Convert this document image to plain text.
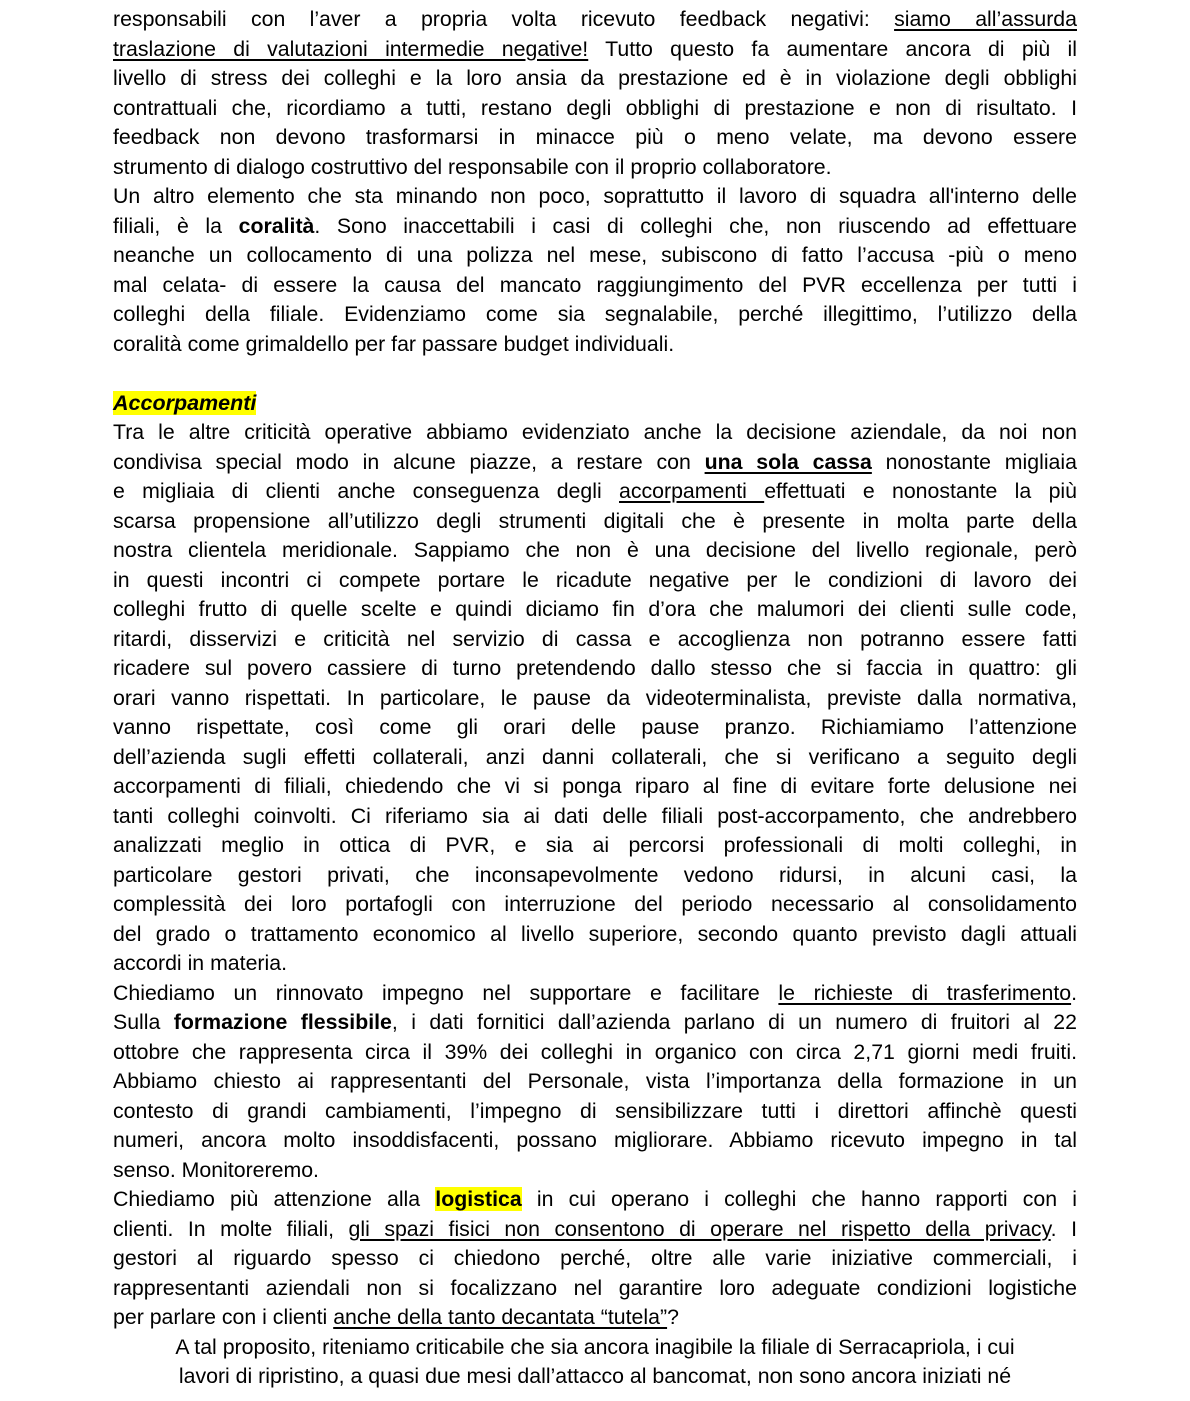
responsabili con l’aver a propria volta ricevuto feedback negativi: siamo all’assurda
traslazione di valutazioni intermedie negative! Tutto questo fa aumentare ancora di più il
livello di stress dei colleghi e la loro ansia da prestazione ed è in violazione degli obblighi
contrattuali che, ricordiamo a tutti, restano degli obblighi di prestazione e non di risultato. I
feedback non devono trasformarsi in minacce più o meno velate, ma devono essere
strumento di dialogo costruttivo del responsabile con il proprio collaboratore.
Un altro elemento che sta minando non poco, soprattutto il lavoro di squadra all'interno delle
filiali, è la coralità. Sono inaccettabili i casi di colleghi che, non riuscendo ad effettuare
neanche un collocamento di una polizza nel mese, subiscono di fatto l’accusa -più o meno
mal celata- di essere la causa del mancato raggiungimento del PVR eccellenza per tutti i
colleghi della filiale. Evidenziamo come sia segnalabile, perché illegittimo, l’utilizzo della
coralità come grimaldello per far passare budget individuali.
Accorpamenti
Tra le altre criticità operative abbiamo evidenziato anche la decisione aziendale, da noi non
condivisa special modo in alcune piazze, a restare con una sola cassa nonostante migliaia
e migliaia di clienti anche conseguenza degli accorpamenti effettuati e nonostante la più
scarsa propensione all’utilizzo degli strumenti digitali che è presente in molta parte della
nostra clientela meridionale. Sappiamo che non è una decisione del livello regionale, però
in questi incontri ci compete portare le ricadute negative per le condizioni di lavoro dei
colleghi frutto di quelle scelte e quindi diciamo fin d’ora che malumori dei clienti sulle code,
ritardi, disservizi e criticità nel servizio di cassa e accoglienza non potranno essere fatti
ricadere sul povero cassiere di turno pretendendo dallo stesso che si faccia in quattro: gli
orari vanno rispettati. In particolare, le pause da videoterminalista, previste dalla normativa,
vanno rispettate, così come gli orari delle pause pranzo. Richiamiamo l’attenzione
dell’azienda sugli effetti collaterali, anzi danni collaterali, che si verificano a seguito degli
accorpamenti di filiali, chiedendo che vi si ponga riparo al fine di evitare forte delusione nei
tanti colleghi coinvolti. Ci riferiamo sia ai dati delle filiali post-accorpamento, che andrebbero
analizzati meglio in ottica di PVR, e sia ai percorsi professionali di molti colleghi, in
particolare gestori privati, che inconsapevolmente vedono ridursi, in alcuni casi, la
complessità dei loro portafogli con interruzione del periodo necessario al consolidamento
del grado o trattamento economico al livello superiore, secondo quanto previsto dagli attuali
accordi in materia.
Chiediamo un rinnovato impegno nel supportare e facilitare le richieste di trasferimento.
Sulla formazione flessibile, i dati fornitici dall’azienda parlano di un numero di fruitori al 22
ottobre che rappresenta circa il 39% dei colleghi in organico con circa 2,71 giorni medi fruiti.
Abbiamo chiesto ai rappresentanti del Personale, vista l’importanza della formazione in un
contesto di grandi cambiamenti, l’impegno di sensibilizzare tutti i direttori affinchè questi
numeri, ancora molto insoddisfacenti, possano migliorare. Abbiamo ricevuto impegno in tal
senso. Monitoreremo.
Chiediamo più attenzione alla logistica in cui operano i colleghi che hanno rapporti con i
clienti. In molte filiali, gli spazi fisici non consentono di operare nel rispetto della privacy. I
gestori al riguardo spesso ci chiedono perché, oltre alle varie iniziative commerciali, i
rappresentanti aziendali non si focalizzano nel garantire loro adeguate condizioni logistiche
per parlare con i clienti anche della tanto decantata “tutela”?
A tal proposito, riteniamo criticabile che sia ancora inagibile la filiale di Serracapriola, i cui
lavori di ripristino, a quasi due mesi dall’attacco al bancomat, non sono ancora iniziati né
